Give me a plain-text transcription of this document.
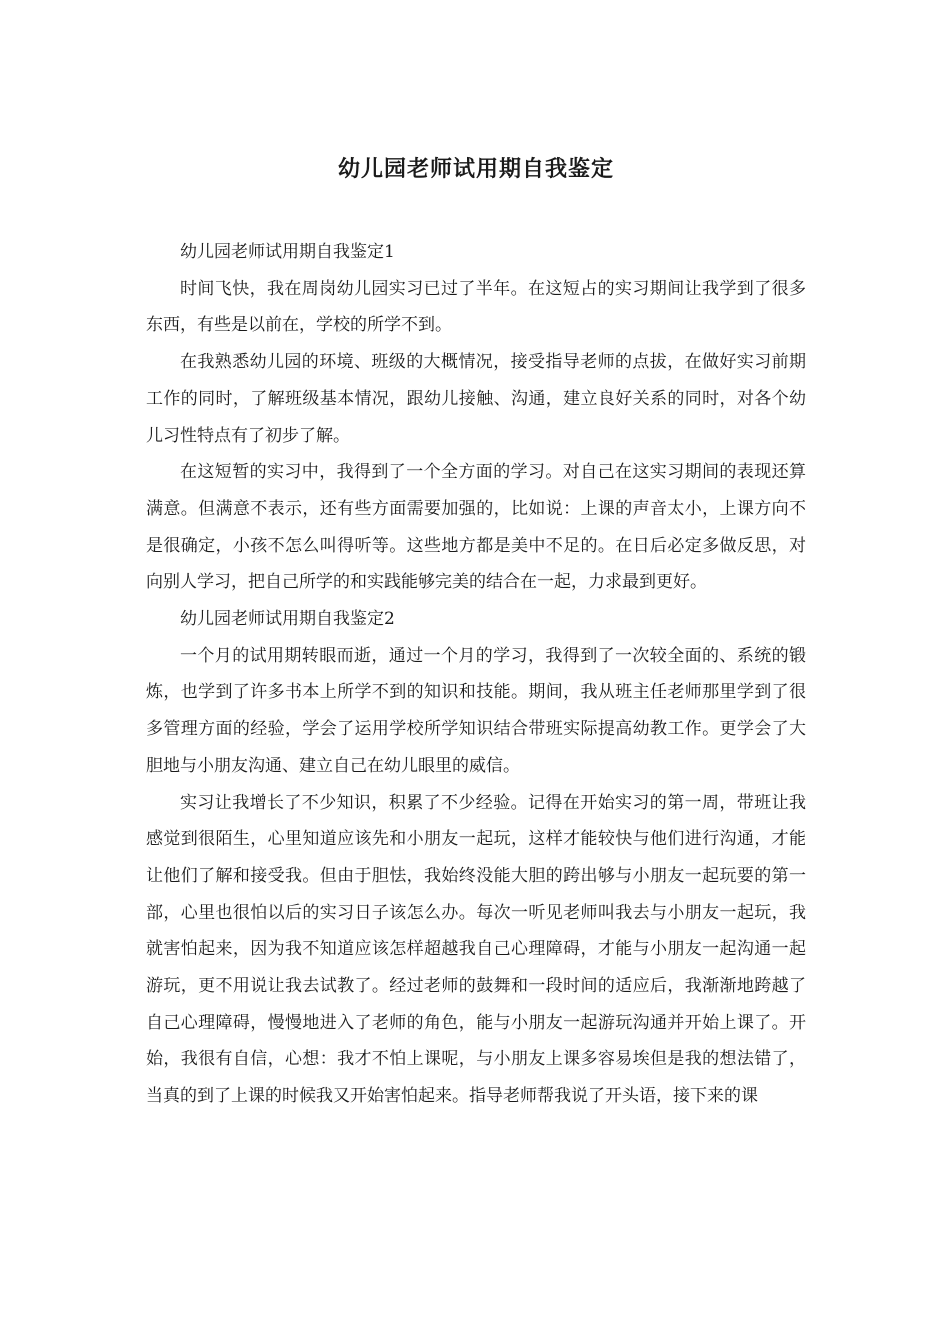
幼儿园老师试用期自我鉴定

幼儿园老师试用期自我鉴定1

时间飞快，我在周岗幼儿园实习已过了半年。在这短占的实习期间让我学到了很多东西，有些是以前在，学校的所学不到。

在我熟悉幼儿园的环境、班级的大概情况，接受指导老师的点拔，在做好实习前期工作的同时，了解班级基本情况，跟幼儿接触、沟通，建立良好关系的同时，对各个幼儿习性特点有了初步了解。

在这短暂的实习中，我得到了一个全方面的学习。对自己在这实习期间的表现还算满意。但满意不表示，还有些方面需要加强的，比如说：上课的声音太小，上课方向不是很确定，小孩不怎么叫得听等。这些地方都是美中不足的。在日后必定多做反思，对向别人学习，把自己所学的和实践能够完美的结合在一起，力求最到更好。

幼儿园老师试用期自我鉴定2

一个月的试用期转眼而逝，通过一个月的学习，我得到了一次较全面的、系统的锻炼，也学到了许多书本上所学不到的知识和技能。期间，我从班主任老师那里学到了很多管理方面的经验，学会了运用学校所学知识结合带班实际提高幼教工作。更学会了大胆地与小朋友沟通、建立自己在幼儿眼里的威信。

实习让我增长了不少知识，积累了不少经验。记得在开始实习的第一周，带班让我感觉到很陌生，心里知道应该先和小朋友一起玩，这样才能较快与他们进行沟通，才能让他们了解和接受我。但由于胆怯，我始终没能大胆的跨出够与小朋友一起玩要的第一部，心里也很怕以后的实习日子该怎么办。每次一听见老师叫我去与小朋友一起玩，我就害怕起来，因为我不知道应该怎样超越我自己心理障碍，才能与小朋友一起沟通一起游玩，更不用说让我去试教了。经过老师的鼓舞和一段时间的适应后，我渐渐地跨越了自己心理障碍，慢慢地进入了老师的角色，能与小朋友一起游玩沟通并开始上课了。开始，我很有自信，心想：我才不怕上课呢，与小朋友上课多容易埃但是我的想法错了，当真的到了上课的时候我又开始害怕起来。指导老师帮我说了开头语，接下来的课
